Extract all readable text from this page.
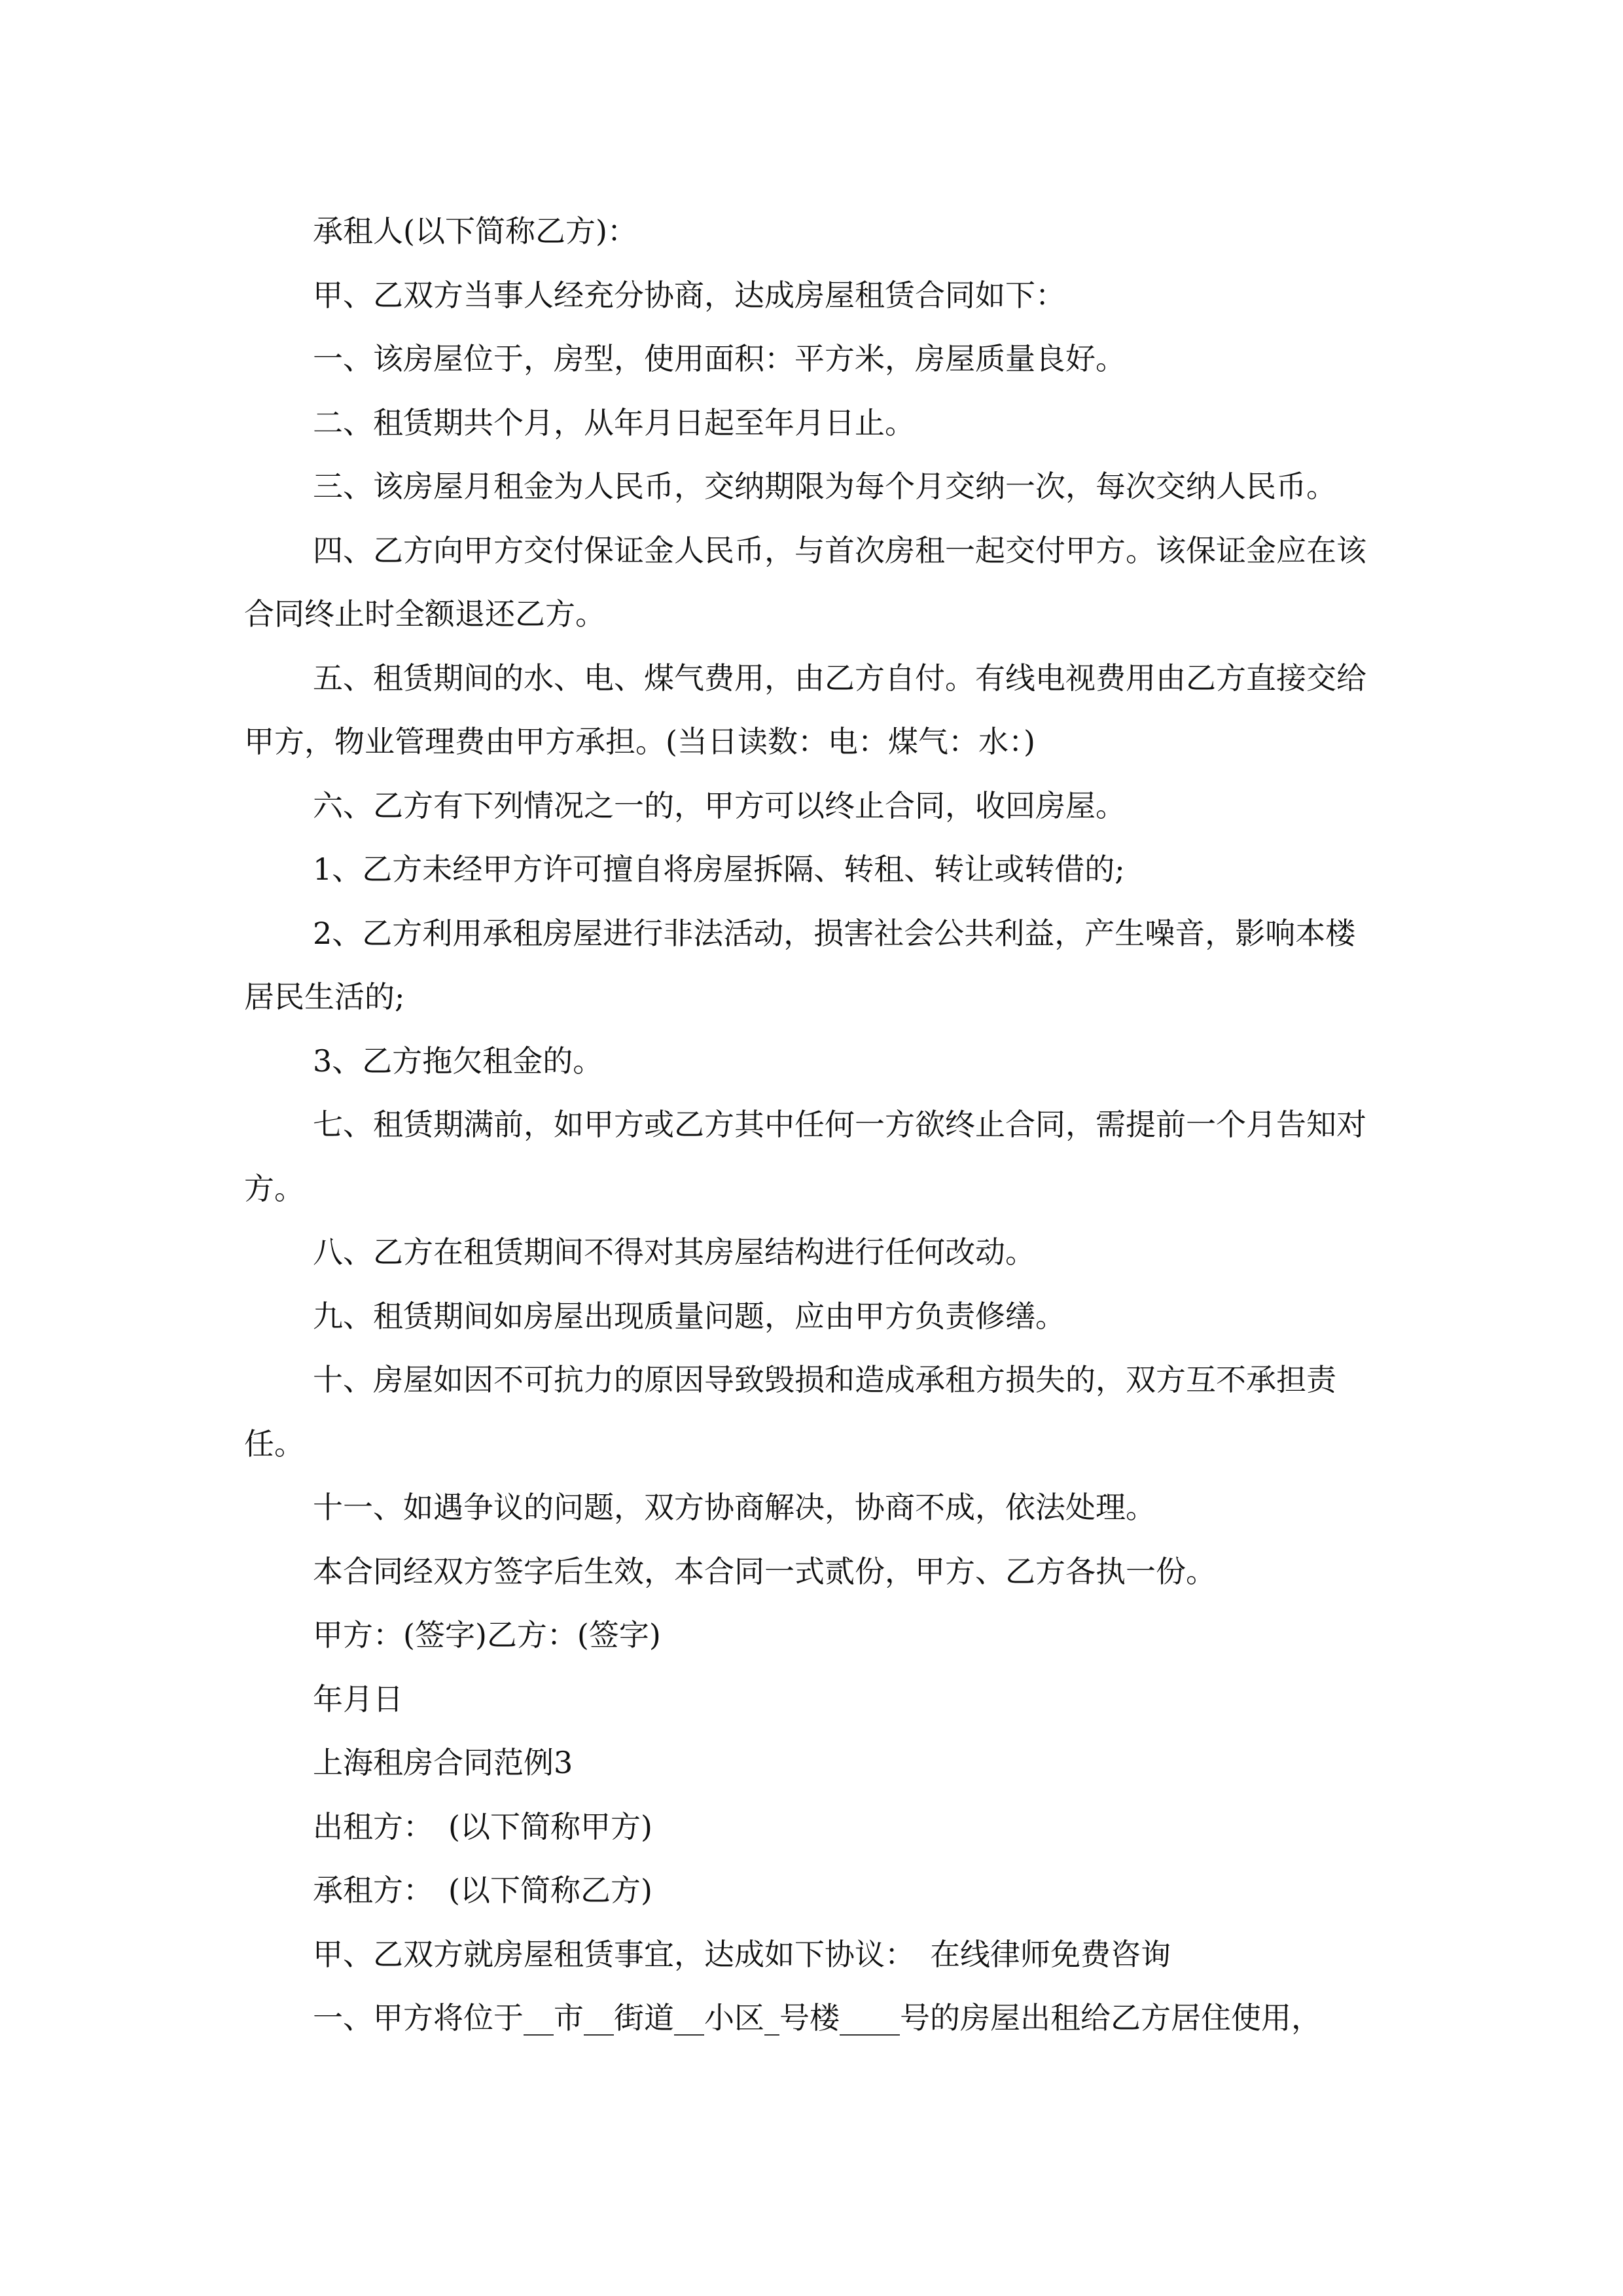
承租人(以下简称乙方)：

甲、乙双方当事人经充分协商，达成房屋租赁合同如下：

一、该房屋位于，房型，使用面积：平方米，房屋质量良好。

二、租赁期共个月，从年月日起至年月日止。

三、该房屋月租金为人民币，交纳期限为每个月交纳一次，每次交纳人民币。

四、乙方向甲方交付保证金人民币，与首次房租一起交付甲方。该保证金应在该合同终止时全额退还乙方。

五、租赁期间的水、电、煤气费用，由乙方自付。有线电视费用由乙方直接交给甲方，物业管理费由甲方承担。(当日读数：电：煤气：水：)

六、乙方有下列情况之一的，甲方可以终止合同，收回房屋。

1、乙方未经甲方许可擅自将房屋拆隔、转租、转让或转借的;

2、乙方利用承租房屋进行非法活动，损害社会公共利益，产生噪音，影响本楼居民生活的;

3、乙方拖欠租金的。

七、租赁期满前，如甲方或乙方其中任何一方欲终止合同，需提前一个月告知对方。

八、乙方在租赁期间不得对其房屋结构进行任何改动。

九、租赁期间如房屋出现质量问题，应由甲方负责修缮。

十、房屋如因不可抗力的原因导致毁损和造成承租方损失的，双方互不承担责任。

十一、如遇争议的问题，双方协商解决，协商不成，依法处理。

本合同经双方签字后生效，本合同一式贰份，甲方、乙方各执一份。

甲方：(签字)乙方：(签字)

年月日

上海租房合同范例3

出租方：　(以下简称甲方)

承租方：　(以下简称乙方)

甲、乙双方就房屋租赁事宜，达成如下协议：　在线律师免费咨询

一、甲方将位于__市__街道__小区_号楼____号的房屋出租给乙方居住使用，
